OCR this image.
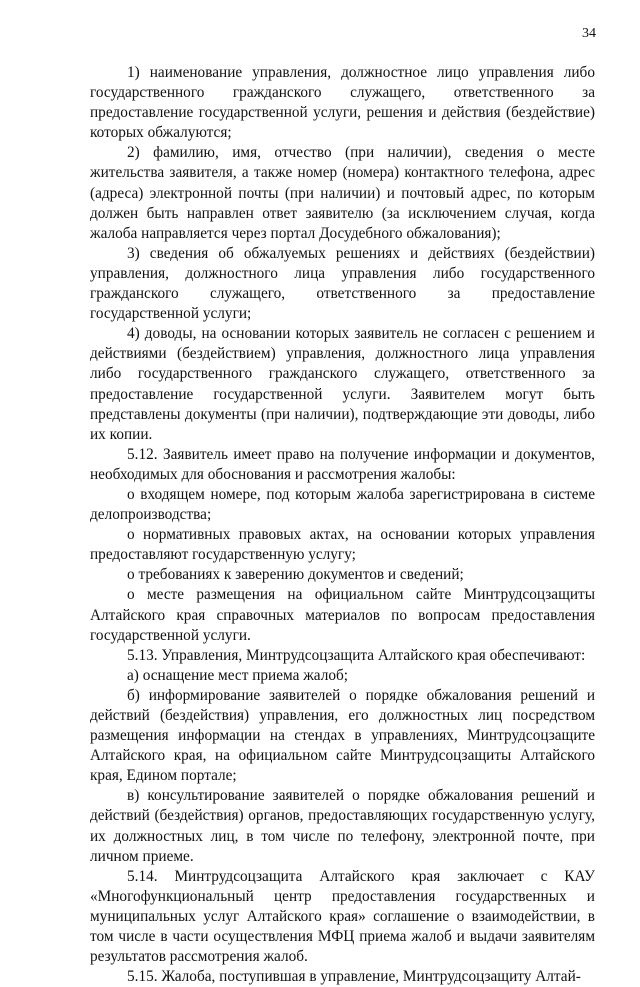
34

1) наименование управления, должностное лицо управления либо государственного гражданского служащего, ответственного за предоставление государственной услуги, решения и действия (бездействие) которых обжалуются;

2) фамилию, имя, отчество (при наличии), сведения о месте жительства заявителя, а также номер (номера) контактного телефона, адрес (адреса) электронной почты (при наличии) и почтовый адрес, по которым должен быть направлен ответ заявителю (за исключением случая, когда жалоба направляется через портал Досудебного обжалования);

3) сведения об обжалуемых решениях и действиях (бездействии) управления, должностного лица управления либо государственного гражданского служащего, ответственного за предоставление государственной услуги;

4) доводы, на основании которых заявитель не согласен с решением и действиями (бездействием) управления, должностного лица управления либо государственного гражданского служащего, ответственного за предоставление государственной услуги. Заявителем могут быть представлены документы (при наличии), подтверждающие эти доводы, либо их копии.

5.12. Заявитель имеет право на получение информации и документов, необходимых для обоснования и рассмотрения жалобы:

о входящем номере, под которым жалоба зарегистрирована в системе делопроизводства;

о нормативных правовых актах, на основании которых управления предоставляют государственную услугу;

о требованиях к заверению документов и сведений;

о месте размещения на официальном сайте Минтрудсоцзащиты Алтайского края справочных материалов по вопросам предоставления государственной услуги.

5.13. Управления, Минтрудсоцзащита Алтайского края обеспечивают:

а) оснащение мест приема жалоб;

б) информирование заявителей о порядке обжалования решений и действий (бездействия) управления, его должностных лиц посредством размещения информации на стендах в управлениях, Минтрудсоцзащите Алтайского края, на официальном сайте Минтрудсоцзащиты Алтайского края, Едином портале;

в) консультирование заявителей о порядке обжалования решений и действий (бездействия) органов, предоставляющих государственную услугу, их должностных лиц, в том числе по телефону, электронной почте, при личном приеме.

5.14. Минтрудсоцзащита Алтайского края заключает с КАУ «Многофункциональный центр предоставления государственных и муниципальных услуг Алтайского края» соглашение о взаимодействии, в том числе в части осуществления МФЦ приема жалоб и выдачи заявителям результатов рассмотрения жалоб.

5.15. Жалоба, поступившая в управление, Минтрудсоцзащиту Алтай-
